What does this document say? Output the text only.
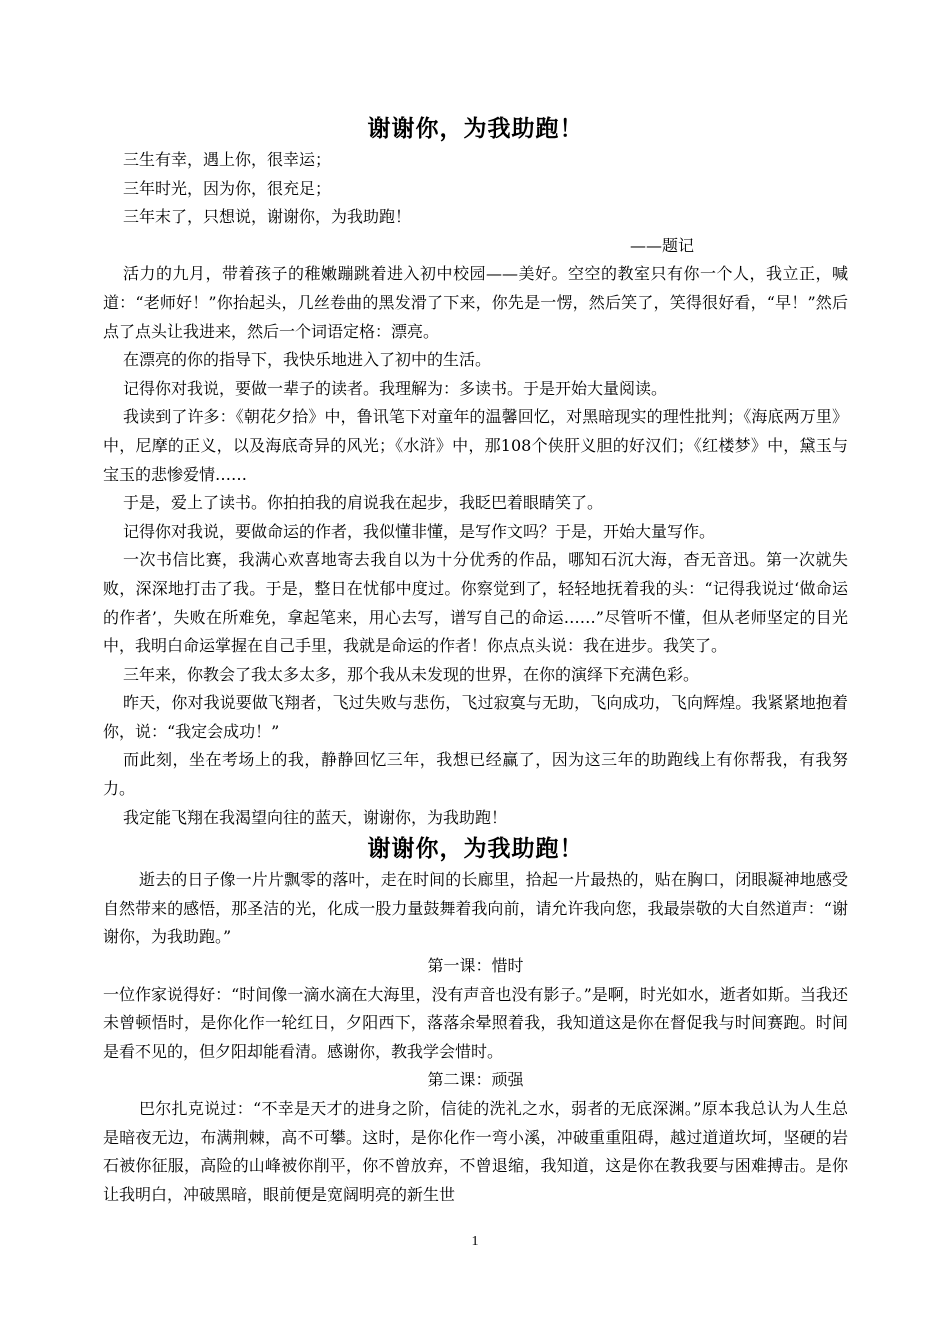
谢谢你，为我助跑！

三生有幸，遇上你，很幸运；

三年时光，因为你，很充足；

三年末了，只想说，谢谢你，为我助跑！

——题记

活力的九月，带着孩子的稚嫩蹦跳着进入初中校园——美好。空空的教室只有你一个人，我立正，喊道：“老师好！”你抬起头，几丝卷曲的黑发滑了下来，你先是一愣，然后笑了，笑得很好看，“早！”然后点了点头让我进来，然后一个词语定格：漂亮。

在漂亮的你的指导下，我快乐地进入了初中的生活。

记得你对我说，要做一辈子的读者。我理解为：多读书。于是开始大量阅读。

我读到了许多：《朝花夕拾》中，鲁讯笔下对童年的温馨回忆，对黑暗现实的理性批判；《海底两万里》中，尼摩的正义，以及海底奇异的风光；《水浒》中，那108个侠肝义胆的好汉们；《红楼梦》中，黛玉与宝玉的悲惨爱情……

于是，爱上了读书。你拍拍我的肩说我在起步，我眨巴着眼睛笑了。

记得你对我说，要做命运的作者，我似懂非懂，是写作文吗？于是，开始大量写作。

一次书信比赛，我满心欢喜地寄去我自以为十分优秀的作品，哪知石沉大海，杳无音迅。第一次就失败，深深地打击了我。于是，整日在忧郁中度过。你察觉到了，轻轻地抚着我的头：“记得我说过‘做命运的作者’，失败在所难免，拿起笔来，用心去写，谱写自己的命运……”尽管听不懂，但从老师坚定的目光中，我明白命运掌握在自己手里，我就是命运的作者！你点点头说：我在进步。我笑了。

三年来，你教会了我太多太多，那个我从未发现的世界，在你的演绎下充满色彩。

昨天，你对我说要做飞翔者，飞过失败与悲伤，飞过寂寞与无助，飞向成功，飞向辉煌。我紧紧地抱着你，说：“我定会成功！”

而此刻，坐在考场上的我，静静回忆三年，我想已经赢了，因为这三年的助跑线上有你帮我，有我努力。

我定能飞翔在我渴望向往的蓝天，谢谢你，为我助跑！

谢谢你，为我助跑！

逝去的日子像一片片飘零的落叶，走在时间的长廊里，拾起一片最热的，贴在胸口，闭眼凝神地感受自然带来的感悟，那圣洁的光，化成一股力量鼓舞着我向前，请允许我向您，我最崇敬的大自然道声：“谢谢你，为我助跑。”

第一课：惜时

一位作家说得好：“时间像一滴水滴在大海里，没有声音也没有影子。”是啊，时光如水，逝者如斯。当我还未曾顿悟时，是你化作一轮红日，夕阳西下，落落余晕照着我，我知道这是你在督促我与时间赛跑。时间是看不见的，但夕阳却能看清。感谢你，教我学会惜时。

第二课：顽强

巴尔扎克说过：“不幸是天才的进身之阶，信徒的洗礼之水，弱者的无底深渊。”原本我总认为人生总是暗夜无边，布满荆棘，高不可攀。这时，是你化作一弯小溪，冲破重重阻碍，越过道道坎坷，坚硬的岩石被你征服，高险的山峰被你削平，你不曾放弃，不曾退缩，我知道，这是你在教我要与困难搏击。是你让我明白，冲破黑暗，眼前便是宽阔明亮的新生世

1
